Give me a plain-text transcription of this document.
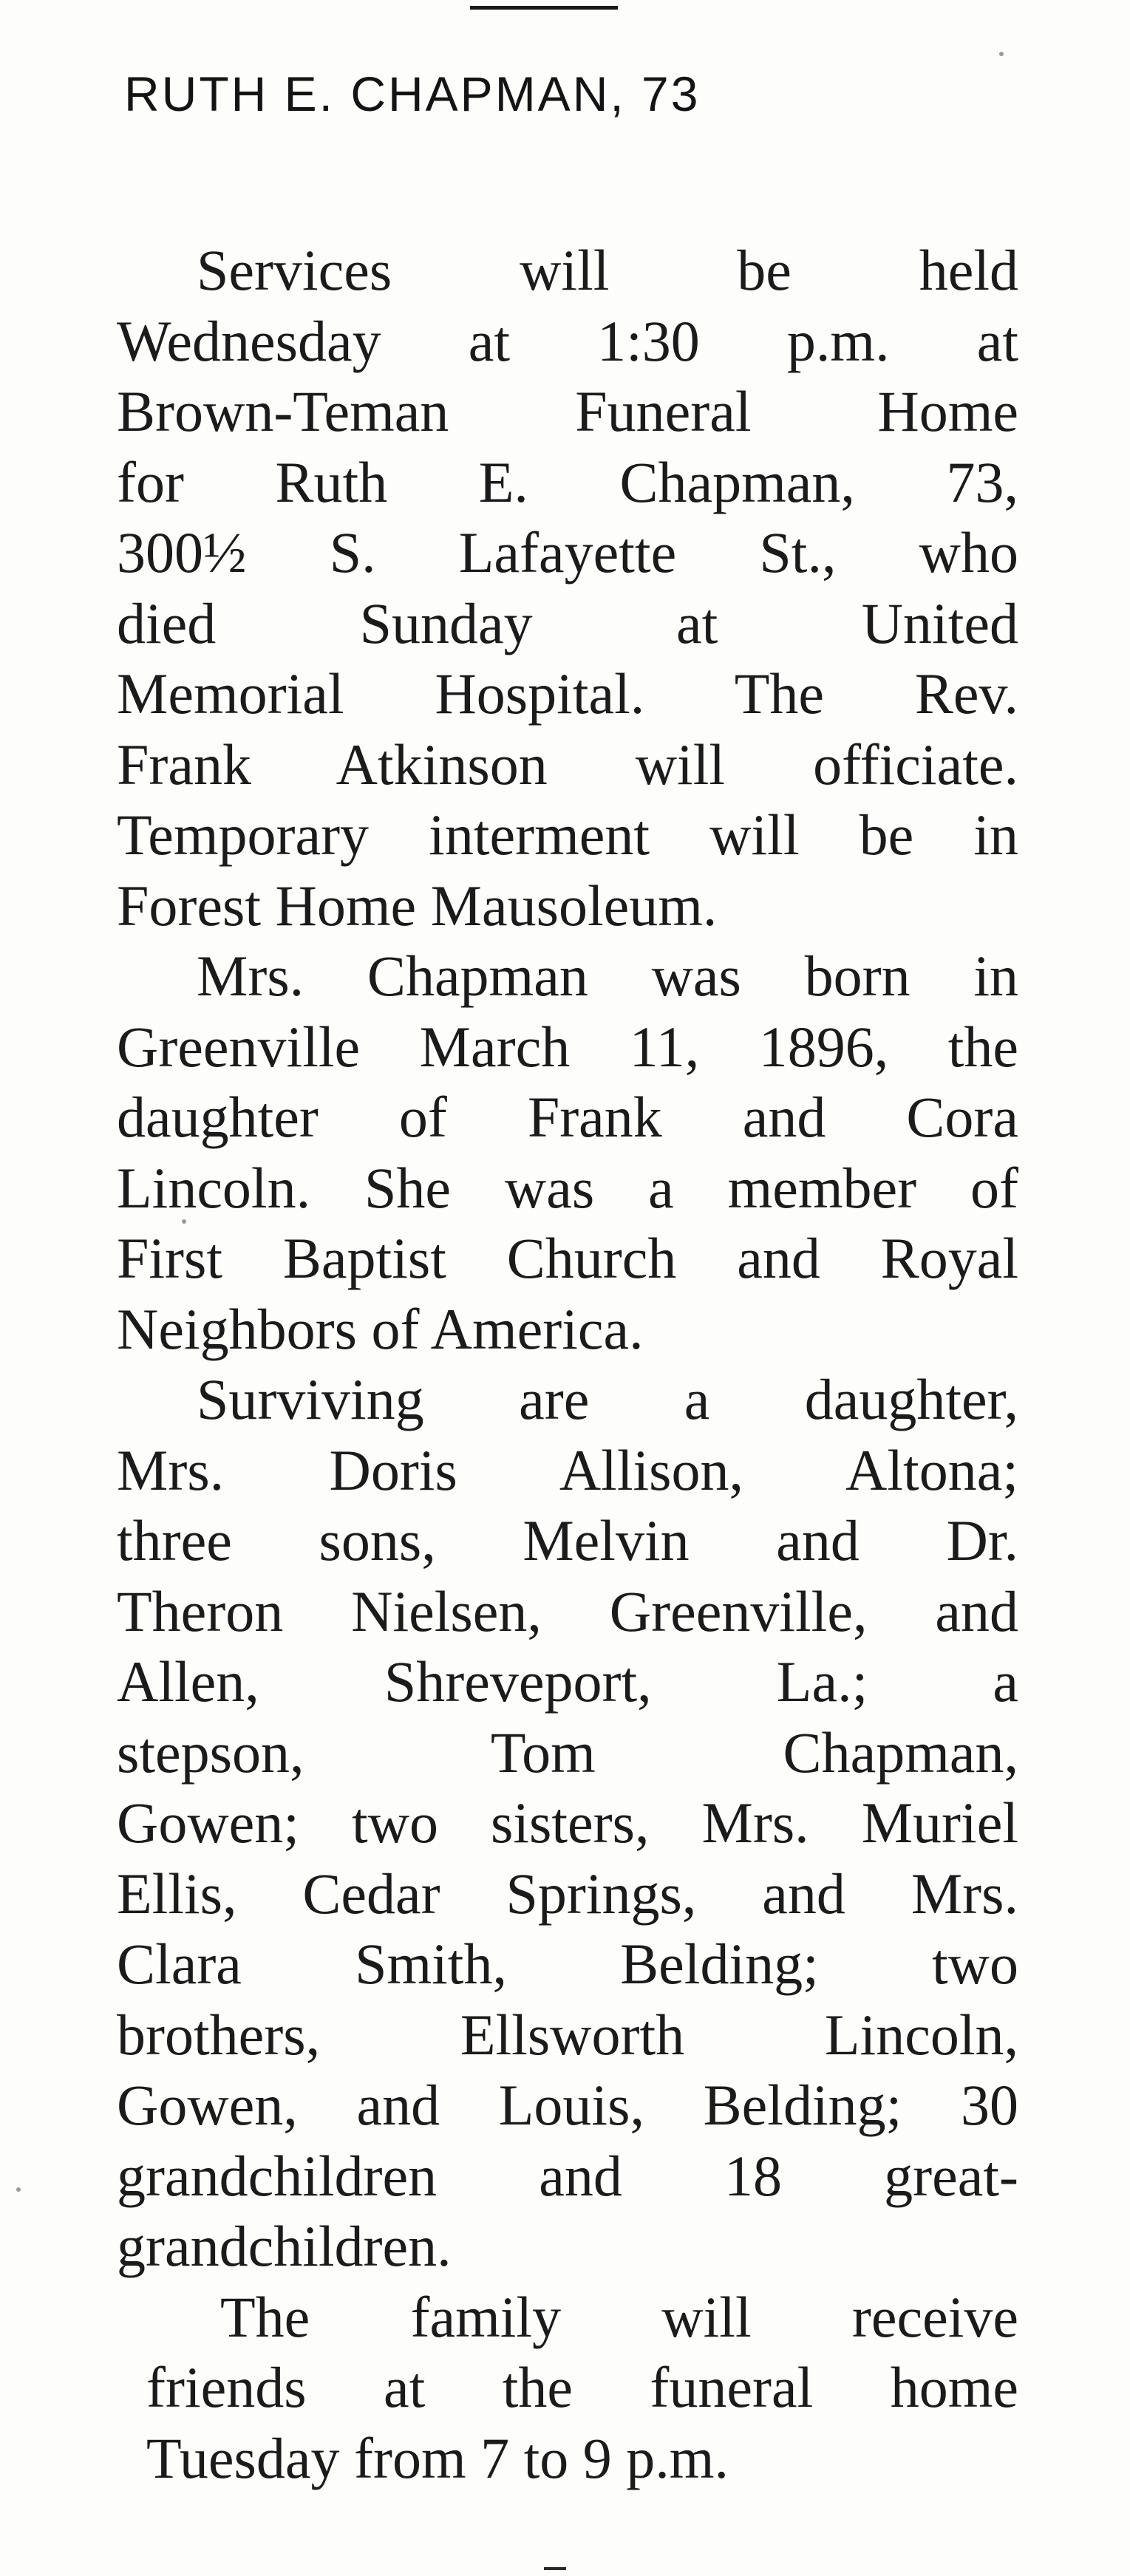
RUTH E. CHAPMAN, 73

Services will be held
Wednesday at 1:30 p.m. at
Brown-Teman Funeral Home
for Ruth E. Chapman, 73,
300½ S. Lafayette St., who
died Sunday at United
Memorial Hospital. The Rev.
Frank Atkinson will officiate.
Temporary interment will be in
Forest Home Mausoleum.

Mrs. Chapman was born in
Greenville March 11, 1896, the
daughter of Frank and Cora
Lincoln. She was a member of
First Baptist Church and Royal
Neighbors of America.

Surviving are a daughter,
Mrs. Doris Allison, Altona;
three sons, Melvin and Dr.
Theron Nielsen, Greenville, and
Allen, Shreveport, La.; a
stepson, Tom Chapman,
Gowen; two sisters, Mrs. Muriel
Ellis, Cedar Springs, and Mrs.
Clara Smith, Belding; two
brothers, Ellsworth Lincoln,
Gowen, and Louis, Belding; 30
grandchildren and 18 great-
grandchildren.

The family will receive
friends at the funeral home
Tuesday from 7 to 9 p.m.
